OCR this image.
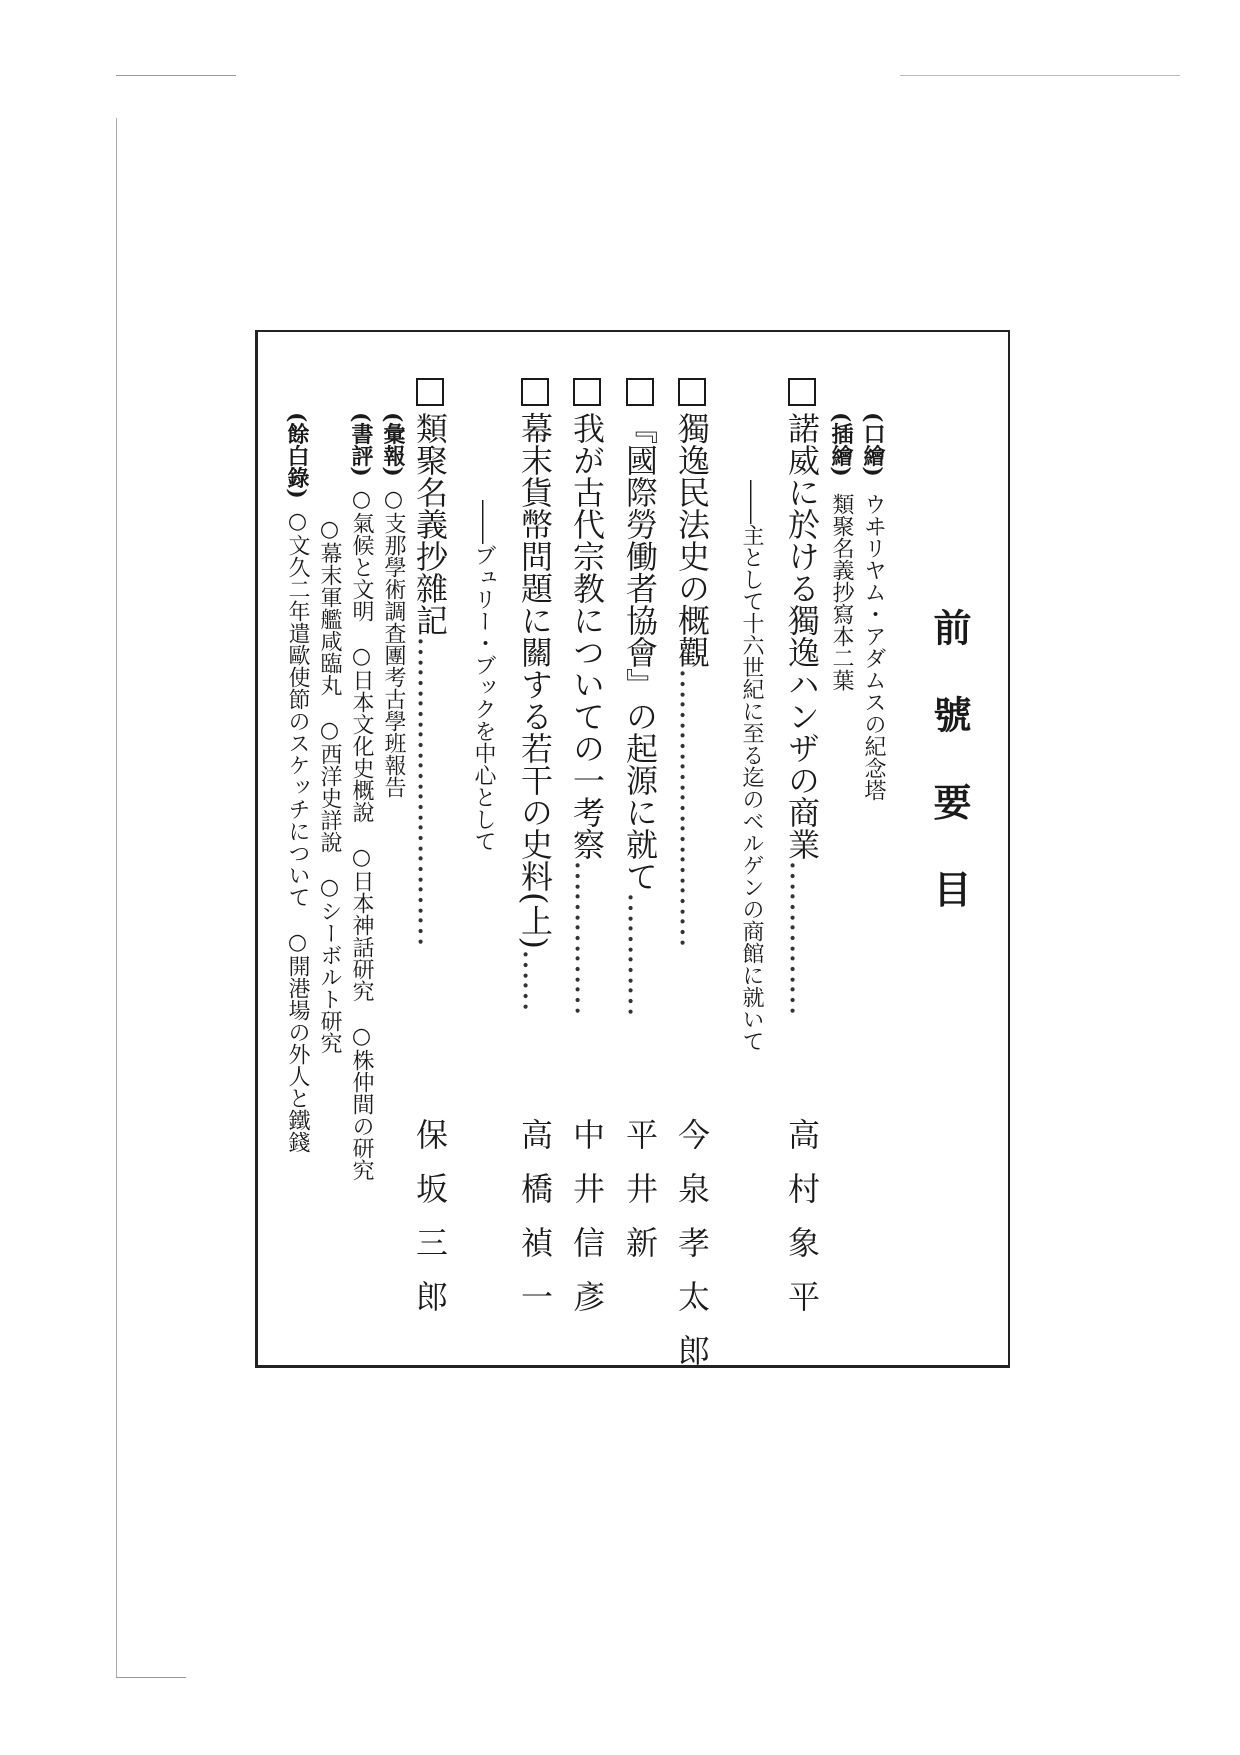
前 號 要 目
(口繪)ウヰリヤム・アダムスの紀念塔
(插繪)類聚名義抄寫本二葉
諾威に於ける獨逸ハンザの商業……………
高村象平
――主として十六世紀に至る迄のベルゲンの商館に就いて
獨逸民法史の概觀………………………
今泉孝太郎
『國際勞働者協會』の起源に就て…………
平井新
我が古代宗教についての一考察……………
中井信彥
幕末貨幣問題に關する若干の史料(上)……
高橋禎一
――ブュリー・ブックを中心として
類聚名義抄雜記…………………………
保坂三郎
(彙報)○支那學術調査團考古學班報告
(書評)○氣候と文明　○日本文化史概說　○日本神話研究　○株仲間の研究
○幕末軍艦咸臨丸　○西洋史詳說　○シーボルト研究
(餘白錄)○文久二年遣歐使節のスケッチについて　○開港場の外人と鐵錢
